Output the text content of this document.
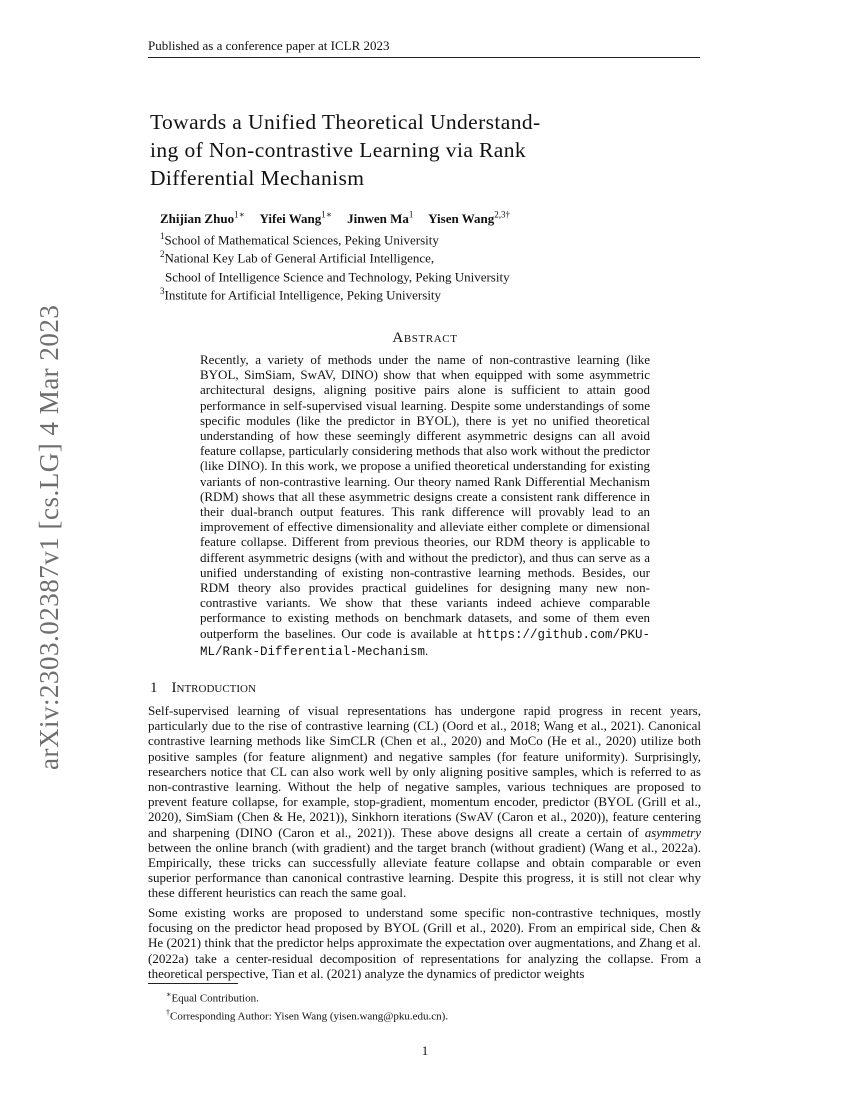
Published as a conference paper at ICLR 2023
arXiv:2303.02387v1 [cs.LG] 4 Mar 2023
Towards a Unified Theoretical Understand-
ing of Non-contrastive Learning via Rank
Differential Mechanism
Zhijian Zhuo$^{1∗}$ Yifei Wang$^{1∗}$ Jinwen Ma$^1$ Yisen Wang$^{2,3\dagger}$
$^1$School of Mathematical Sciences, Peking University
$^2$National Key Lab of General Artificial Intelligence,
School of Intelligence Science and Technology, Peking University
$^3$Institute for Artificial Intelligence, Peking University
Abstract
Recently, a variety of methods under the name of non-contrastive learning (like BYOL, SimSiam, SwAV, DINO) show that when equipped with some asymmetric architectural designs, aligning positive pairs alone is sufficient to attain good performance in self-supervised visual learning. Despite some understandings of some specific modules (like the predictor in BYOL), there is yet no unified theoretical understanding of how these seemingly different asymmetric designs can all avoid feature collapse, particularly considering methods that also work without the predictor (like DINO). In this work, we propose a unified theoretical understanding for existing variants of non-contrastive learning. Our theory named Rank Differential Mechanism (RDM) shows that all these asymmetric designs create a consistent rank difference in their dual-branch output features. This rank difference will provably lead to an improvement of effective dimensionality and alleviate either complete or dimensional feature collapse. Different from previous theories, our RDM theory is applicable to different asymmetric designs (with and without the predictor), and thus can serve as a unified understanding of existing non-contrastive learning methods. Besides, our RDM theory also provides practical guidelines for designing many new non-contrastive variants. We show that these variants indeed achieve comparable performance to existing methods on benchmark datasets, and some of them even outperform the baselines. Our code is available at https://github.com/PKU-ML/Rank-Differential-Mechanism.
1 Introduction
Self-supervised learning of visual representations has undergone rapid progress in recent years, particularly due to the rise of contrastive learning (CL) (Oord et al., 2018; Wang et al., 2021). Canonical contrastive learning methods like SimCLR (Chen et al., 2020) and MoCo (He et al., 2020) utilize both positive samples (for feature alignment) and negative samples (for feature uniformity). Surprisingly, researchers notice that CL can also work well by only aligning positive samples, which is referred to as non-contrastive learning. Without the help of negative samples, various techniques are proposed to prevent feature collapse, for example, stop-gradient, momentum encoder, predictor (BYOL (Grill et al., 2020), SimSiam (Chen & He, 2021)), Sinkhorn iterations (SwAV (Caron et al., 2020)), feature centering and sharpening (DINO (Caron et al., 2021)). These above designs all create a certain of asymmetry between the online branch (with gradient) and the target branch (without gradient) (Wang et al., 2022a). Empirically, these tricks can successfully alleviate feature collapse and obtain comparable or even superior performance than canonical contrastive learning. Despite this progress, it is still not clear why these different heuristics can reach the same goal.
Some existing works are proposed to understand some specific non-contrastive techniques, mostly focusing on the predictor head proposed by BYOL (Grill et al., 2020). From an empirical side, Chen & He (2021) think that the predictor helps approximate the expectation over augmentations, and Zhang et al. (2022a) take a center-residual decomposition of representations for analyzing the collapse. From a theoretical perspective, Tian et al. (2021) analyze the dynamics of predictor weights
∗Equal Contribution.
†Corresponding Author: Yisen Wang (yisen.wang@pku.edu.cn).
1
